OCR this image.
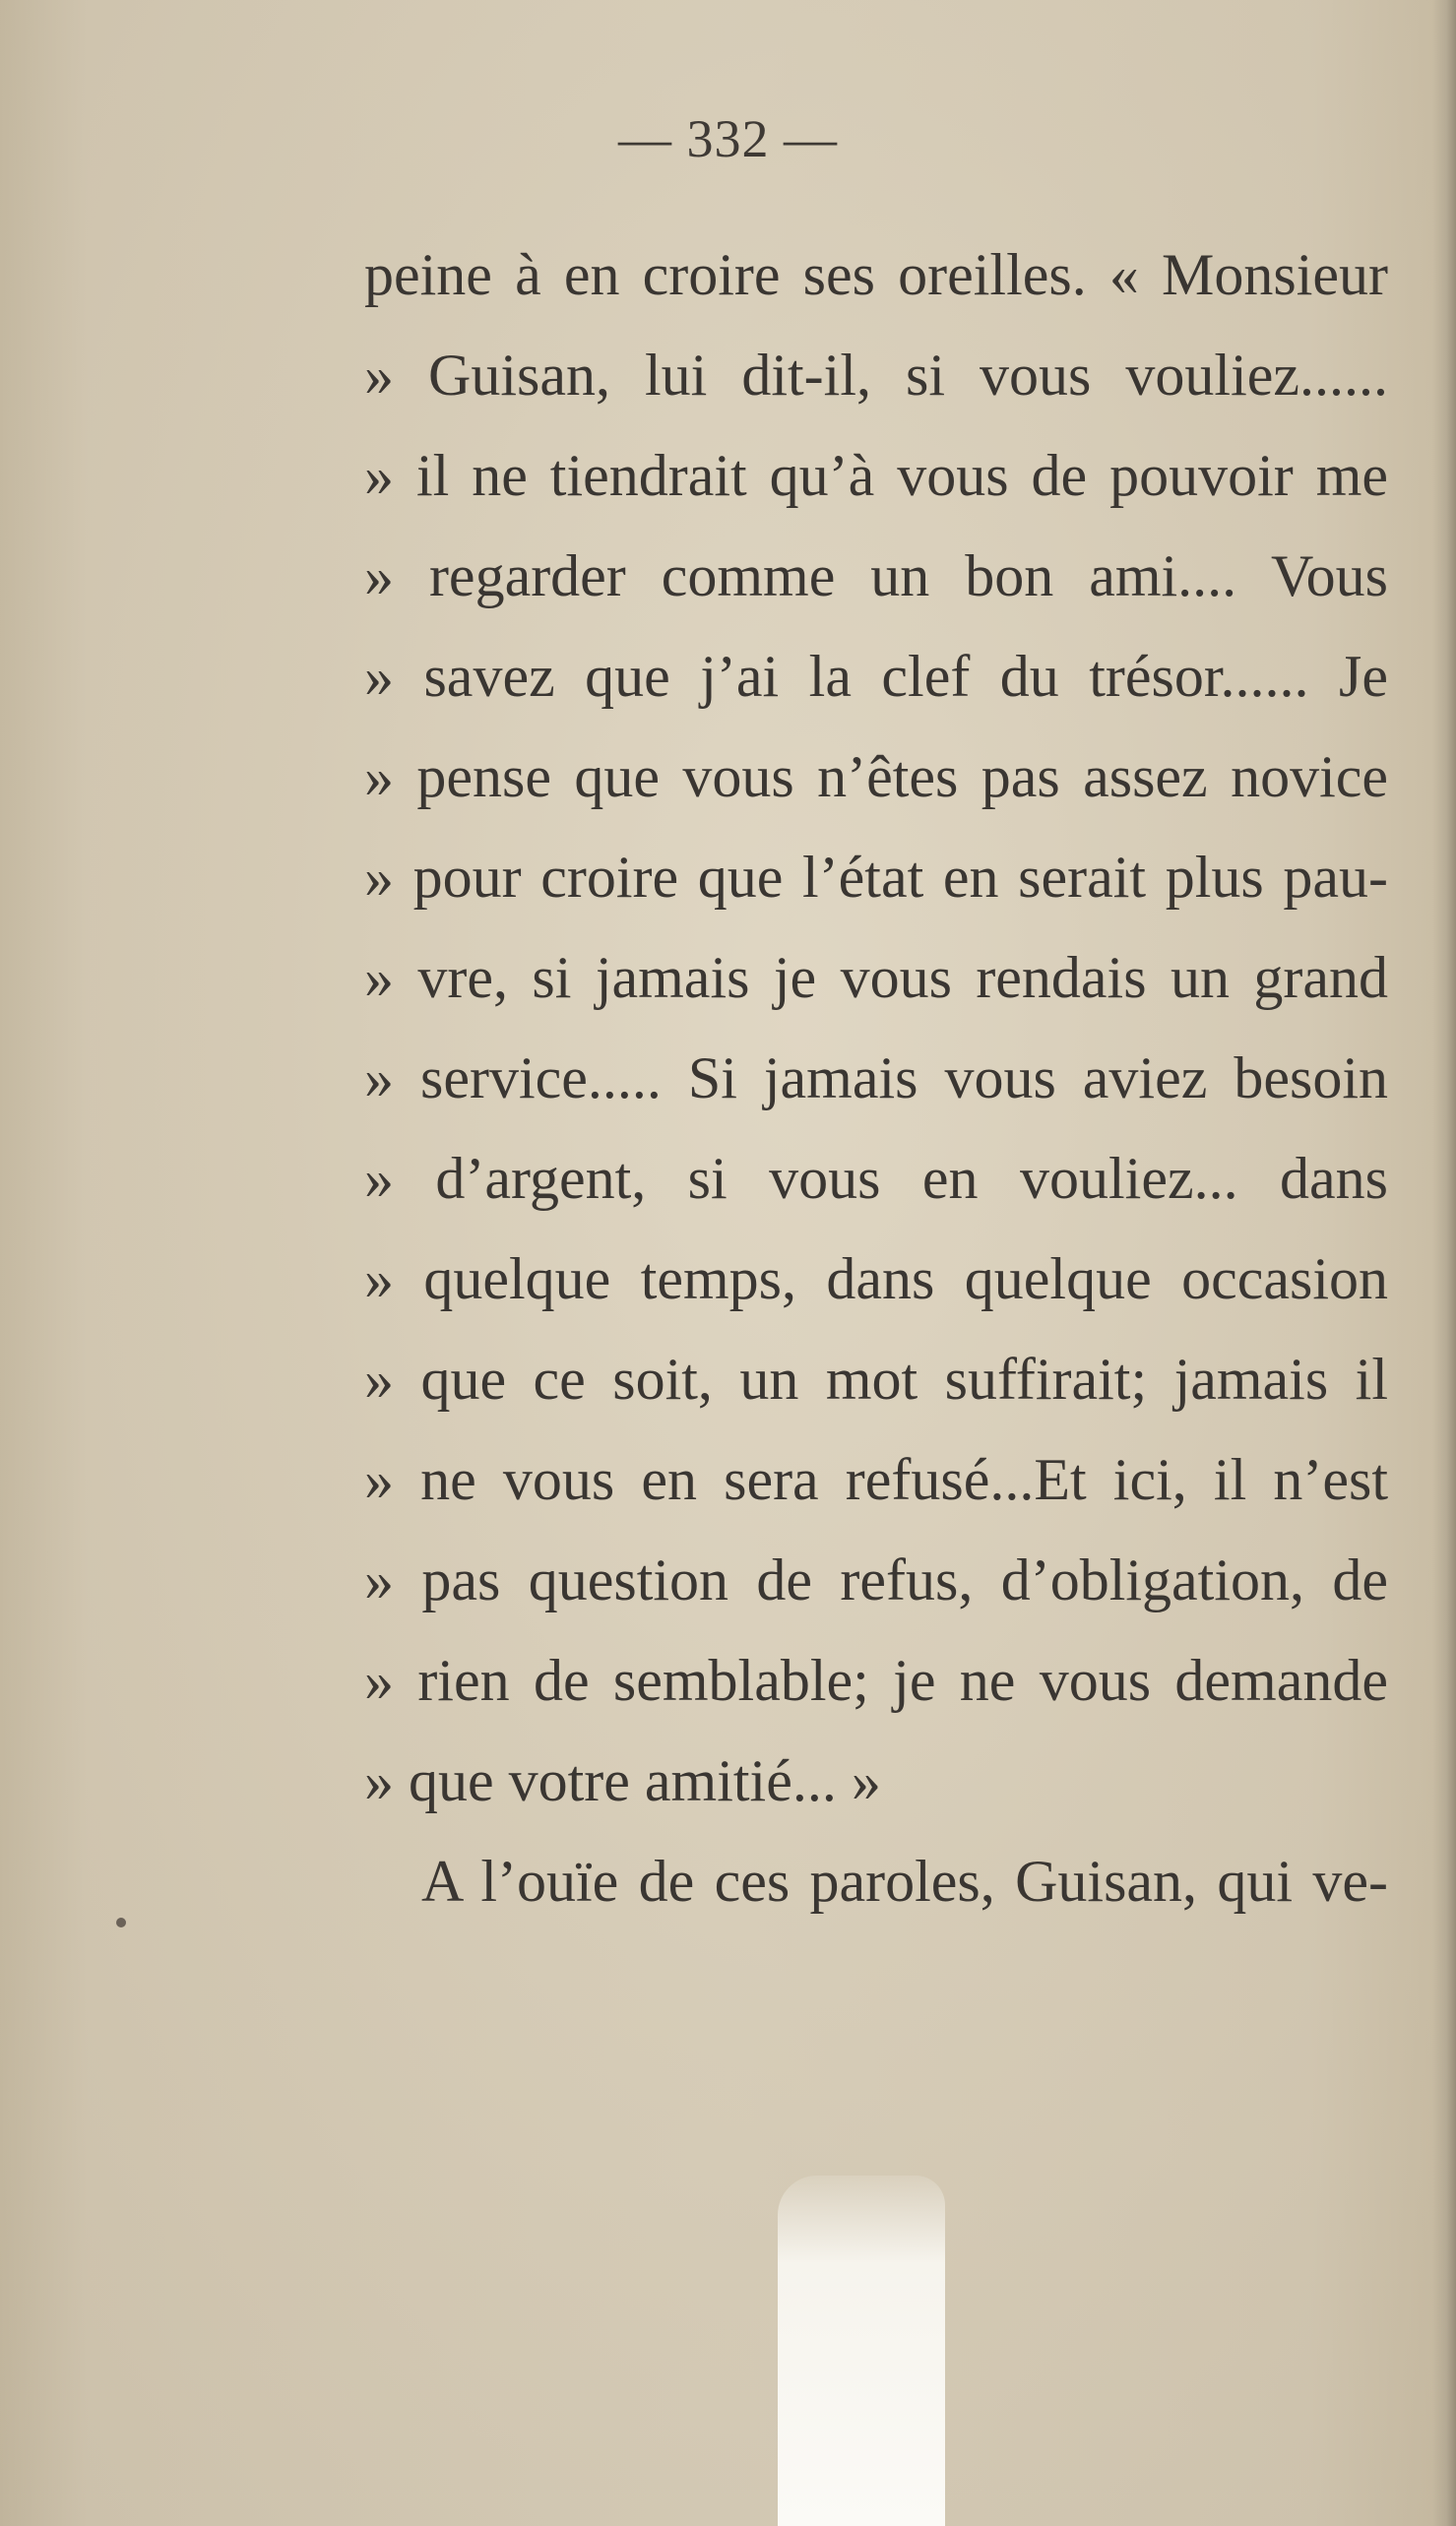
— 332 —
peine à en croire ses oreilles. « Monsieur
» Guisan, lui dit-il, si vous vouliez......
» il ne tiendrait qu’à vous de pouvoir me
» regarder comme un bon ami.... Vous
» savez que j’ai la clef du trésor...... Je
» pense que vous n’êtes pas assez novice
» pour croire que l’état en serait plus pau-
» vre, si jamais je vous rendais un grand
» service..... Si jamais vous aviez besoin
» d’argent, si vous en vouliez... dans
» quelque temps, dans quelque occasion
» que ce soit, un mot suffirait; jamais il
» ne vous en sera refusé...Et ici, il n’est
» pas question de refus, d’obligation, de
» rien de semblable; je ne vous demande
» que votre amitié... »
A l’ouïe de ces paroles, Guisan, qui ve-
